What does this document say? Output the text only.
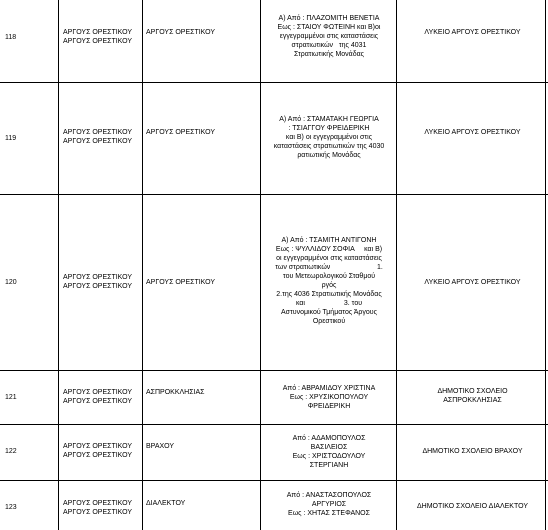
118
ΑΡΓΟΥΣ ΟΡΕΣΤΙΚΟΥ
ΑΡΓΟΥΣ ΟΡΕΣΤΙΚΟΥ
ΑΡΓΟΥΣ ΟΡΕΣΤΙΚΟΥ
Α) Από : ΠΛΑΖΟΜΙΤΗ ΒΕΝΕΤΙΑ
Εως : ΣΤΑΙΟΥ ΦΩΤΕΙΝΗ και Β)οι
εγγεγραμμένοι στις καταστάσεις
στρατιωτικών   της 4031
Στρατιωτικής Μονάδας
ΛΥΚΕΙΟ ΑΡΓΟΥΣ ΟΡΕΣΤΙΚΟΥ
119
ΑΡΓΟΥΣ ΟΡΕΣΤΙΚΟΥ
ΑΡΓΟΥΣ ΟΡΕΣΤΙΚΟΥ
ΑΡΓΟΥΣ ΟΡΕΣΤΙΚΟΥ
Α) Από : ΣΤΑΜΑΤΑΚΗ ΓΕΩΡΓΙΑ
: ΤΣΙΑΓΓΟΥ ΦΡΕΙΔΕΡΙΚΗ
και Β) οι εγγεγραμμένοι στις
καταστάσεις στρατιωτικών της 4030
ρατιωτικής Μονάδας
ΛΥΚΕΙΟ ΑΡΓΟΥΣ ΟΡΕΣΤΙΚΟΥ
120
ΑΡΓΟΥΣ ΟΡΕΣΤΙΚΟΥ
ΑΡΓΟΥΣ ΟΡΕΣΤΙΚΟΥ
ΑΡΓΟΥΣ ΟΡΕΣΤΙΚΟΥ
Α) Από : ΤΣΑΜΙΤΗ ΑΝΤΙΓΟΝΗ
Εως : ΨΥΛΛΙΔΟΥ ΣΟΦΙΑ     και Β)
οι εγγεγραμμένοι στις καταστάσεις
των στρατιωτικών                        1.
του Μετεωρολογικού Σταθμού
ργός
2.της 4036 Στρατιωτικής Μονάδας
και                    3. του
Αστυνομικού Τμήματος Άργους
Ορεστικού
ΛΥΚΕΙΟ ΑΡΓΟΥΣ ΟΡΕΣΤΙΚΟΥ
121
ΑΡΓΟΥΣ ΟΡΕΣΤΙΚΟΥ
ΑΡΓΟΥΣ ΟΡΕΣΤΙΚΟΥ
ΑΣΠΡΟΚΚΛΗΣΙΑΣ
Από : ΑΒΡΑΜΙΔΟΥ ΧΡΙΣΤΙΝΑ
Εως : ΧΡΥΣΙΚΟΠΟΥΛΟΥ
ΦΡΕΙΔΕΡΙΚΗ
ΔΗΜΟΤΙΚΟ ΣΧΟΛΕΙΟ
ΑΣΠΡΟΚΚΛΗΣΙΑΣ
122
ΑΡΓΟΥΣ ΟΡΕΣΤΙΚΟΥ
ΑΡΓΟΥΣ ΟΡΕΣΤΙΚΟΥ
ΒΡΑΧΟΥ
Από : ΑΔΑΜΟΠΟΥΛΟΣ
ΒΑΣΙΛΕΙΟΣ
Εως : ΧΡΙΣΤΟΔΟΥΛΟΥ
ΣΤΕΡΓΙΑΝΗ
ΔΗΜΟΤΙΚΟ ΣΧΟΛΕΙΟ ΒΡΑΧΟΥ
123
ΑΡΓΟΥΣ ΟΡΕΣΤΙΚΟΥ
ΑΡΓΟΥΣ ΟΡΕΣΤΙΚΟΥ
ΔΙΑΛΕΚΤΟΥ
Από : ΑΝΑΣΤΑΣΟΠΟΥΛΟΣ
ΑΡΓΥΡΙΟΣ
Εως : ΧΗΤΑΣ ΣΤΕΦΑΝΟΣ
ΔΗΜΟΤΙΚΟ ΣΧΟΛΕΙΟ ΔΙΑΛΕΚΤΟΥ
